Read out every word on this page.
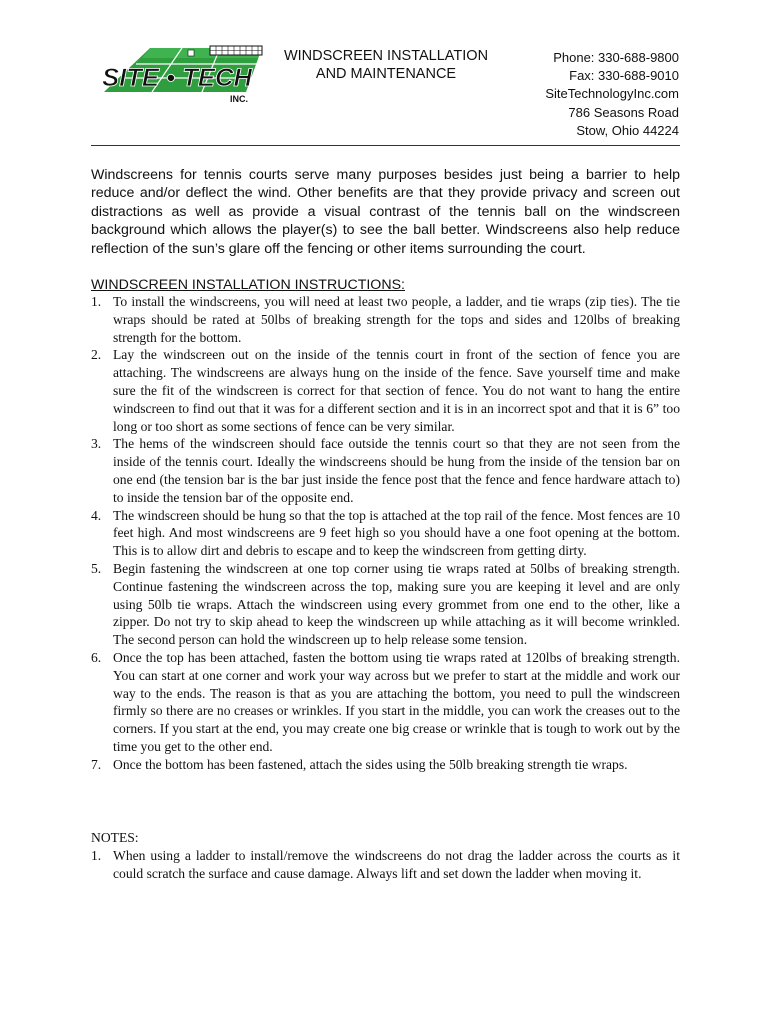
SITE • TECH
INC.
WINDSCREEN INSTALLATION
AND MAINTENANCE
Phone: 330-688-9800
Fax: 330-688-9010
SiteTechnologyInc.com
786 Seasons Road
Stow, Ohio 44224

Windscreens for tennis courts serve many purposes besides just being a barrier to help reduce and/or deflect the wind. Other benefits are that they provide privacy and screen out distractions as well as provide a visual contrast of the tennis ball on the windscreen background which allows the player(s) to see the ball better. Windscreens also help reduce reflection of the sun’s glare off the fencing or other items surrounding the court.

WINDSCREEN INSTALLATION INSTRUCTIONS:
1. To install the windscreens, you will need at least two people, a ladder, and tie wraps (zip ties). The tie wraps should be rated at 50lbs of breaking strength for the tops and sides and 120lbs of breaking strength for the bottom.
2. Lay the windscreen out on the inside of the tennis court in front of the section of fence you are attaching. The windscreens are always hung on the inside of the fence. Save yourself time and make sure the fit of the windscreen is correct for that section of fence. You do not want to hang the entire windscreen to find out that it was for a different section and it is in an incorrect spot and that it is 6” too long or too short as some sections of fence can be very similar.
3. The hems of the windscreen should face outside the tennis court so that they are not seen from the inside of the tennis court. Ideally the windscreens should be hung from the inside of the tension bar on one end (the tension bar is the bar just inside the fence post that the fence and fence hardware attach to) to inside the tension bar of the opposite end.
4. The windscreen should be hung so that the top is attached at the top rail of the fence. Most fences are 10 feet high. And most windscreens are 9 feet high so you should have a one foot opening at the bottom. This is to allow dirt and debris to escape and to keep the windscreen from getting dirty.
5. Begin fastening the windscreen at one top corner using tie wraps rated at 50lbs of breaking strength. Continue fastening the windscreen across the top, making sure you are keeping it level and are only using 50lb tie wraps. Attach the windscreen using every grommet from one end to the other, like a zipper. Do not try to skip ahead to keep the windscreen up while attaching as it will become wrinkled. The second person can hold the windscreen up to help release some tension.
6. Once the top has been attached, fasten the bottom using tie wraps rated at 120lbs of breaking strength. You can start at one corner and work your way across but we prefer to start at the middle and work our way to the ends. The reason is that as you are attaching the bottom, you need to pull the windscreen firmly so there are no creases or wrinkles. If you start in the middle, you can work the creases out to the corners. If you start at the end, you may create one big crease or wrinkle that is tough to work out by the time you get to the other end.
7. Once the bottom has been fastened, attach the sides using the 50lb breaking strength tie wraps.
NOTES:
1. When using a ladder to install/remove the windscreens do not drag the ladder across the courts as it could scratch the surface and cause damage. Always lift and set down the ladder when moving it.
